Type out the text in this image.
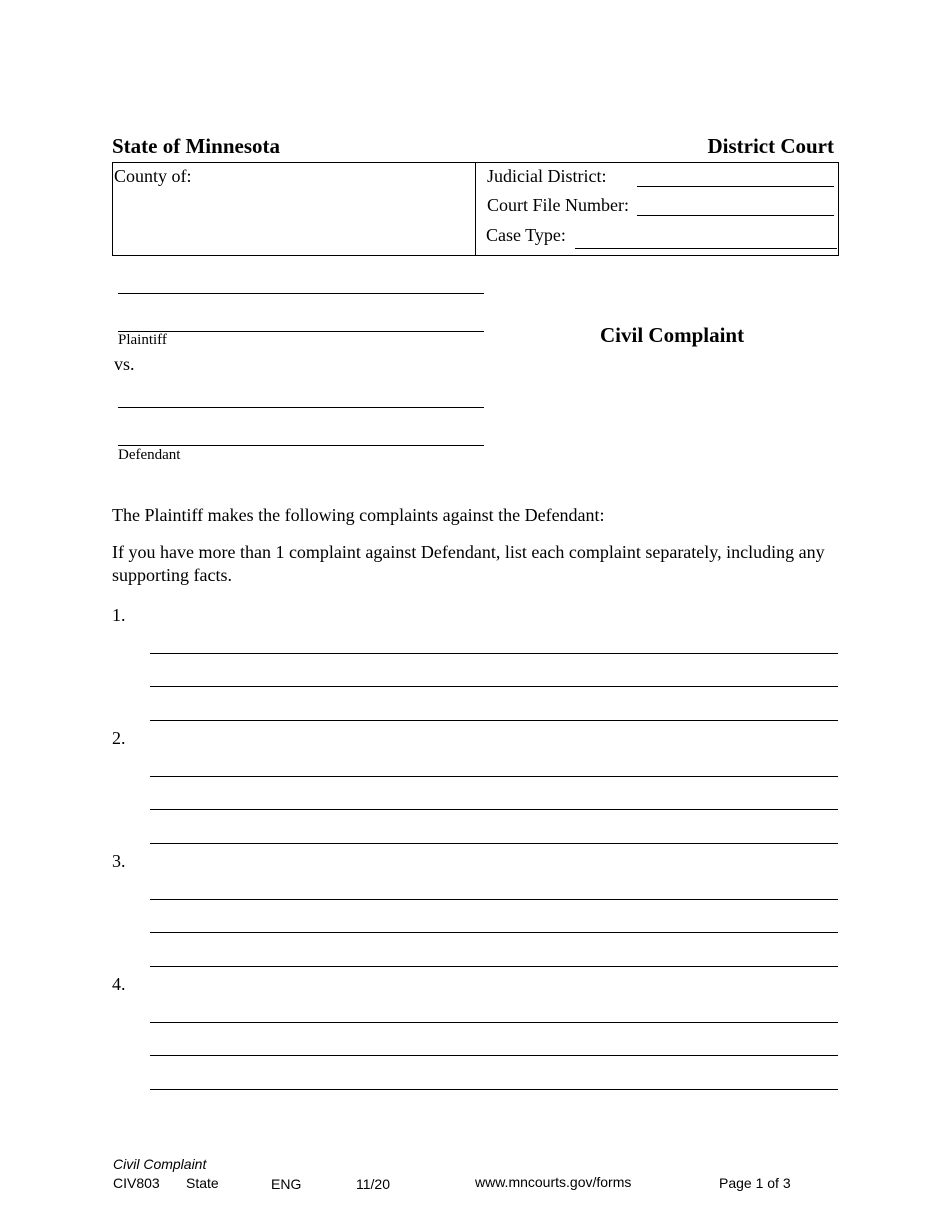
State of Minnesota	District Court
County of:	Judicial District:
Court File Number:
Case Type:
Plaintiff
vs.
Defendant
Civil Complaint
The Plaintiff makes the following complaints against the Defendant:
If you have more than 1 complaint against Defendant, list each complaint separately, including any supporting facts.
1.
2.
3.
4.
Civil Complaint
CIV803 State	ENG	11/20	www.mncourts.gov/forms	Page 1 of 3
